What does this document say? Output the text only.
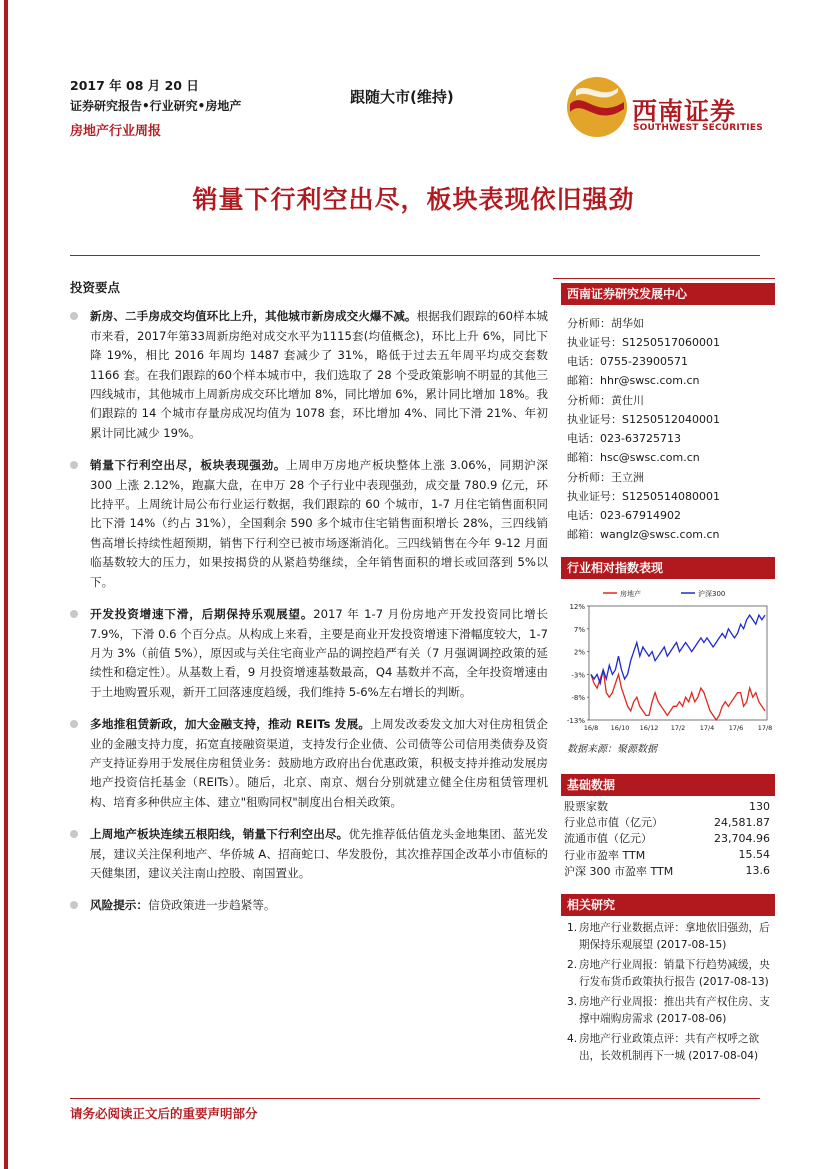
2017 年 08 月 20 日
证券研究报告•行业研究•房地产
房地产行业周报
跟随大市(维持)	西南证券
SOUTHWEST SECURITIES
销量下行利空出尽，板块表现依旧强劲
投资要点
新房、二手房成交均值环比上升，其他城市新房成交火爆不减。根据我们跟踪的60样本城市来看，2017年第33周新房绝对成交水平为1115套(均值概念)，环比上升 6%，同比下降 19%，相比 2016 年周均 1487 套减少了 31%，略低于过去五年周平均成交套数 1166 套。在我们跟踪的60个样本城市中，我们选取了 28 个受政策影响不明显的其他三四线城市，其他城市上周新房成交环比增加 8%，同比增加 6%，累计同比增加 18%。我们跟踪的 14 个城市存量房成况均值为 1078 套，环比增加 4%、同比下滑 21%、年初累计同比减少 19%。
销量下行利空出尽，板块表现强劲。上周申万房地产板块整体上涨 3.06%，同期沪深 300 上涨 2.12%，跑赢大盘，在申万 28 个子行业中表现强劲，成交量 780.9 亿元，环比持平。上周统计局公布行业运行数据，我们跟踪的 60 个城市，1-7 月住宅销售面积同比下滑 14%（约占 31%），全国剩余 590 多个城市住宅销售面积增长 28%，三四线销售高增长持续性超预期，销售下行利空已被市场逐渐消化。三四线销售在今年 9-12 月面临基数较大的压力，如果按揭贷的从紧趋势继续，全年销售面积的增长或回落到 5%以下。
开发投资增速下滑，后期保持乐观展望。2017 年 1-7 月份房地产开发投资同比增长 7.9%，下滑 0.6 个百分点。从构成上来看，主要是商业开发投资增速下滑幅度较大，1-7 月为 3%（前值 5%），原因或与关住宅商业产品的调控趋严有关（7 月强调调控政策的延续性和稳定性）。从基数上看，9 月投资增速基数最高，Q4 基数并不高，全年投资增速由于土地购置乐观，新开工回落速度趋缓，我们维持 5-6%左右增长的判断。
多地推租赁新政，加大金融支持，推动 REITs 发展。上周发改委发文加大对住房租赁企业的金融支持力度，拓宽直接融资渠道，支持发行企业债、公司债等公司信用类债券及资产支持证券用于发展住房租赁业务：鼓励地方政府出台优惠政策，积极支持并推动发展房地产投资信托基金（REITs）。随后，北京、南京、烟台分别就建立健全住房租赁管理机构、培育多种供应主体、建立"租购同权"制度出台相关政策。
上周地产板块连续五根阳线，销量下行利空出尽。优先推荐低估值龙头金地集团、蓝光发展，建议关注保利地产、华侨城 A、招商蛇口、华发股份，其次推荐国企改革小市值标的天健集团，建议关注南山控股、南国置业。
风险提示：信贷政策进一步趋紧等。
西南证券研究发展中心
分析师：胡华如
执业证号：S1250517060001
电话：0755-23900571
邮箱：hhr@swsc.com.cn
分析师：黄仕川
执业证号：S1250512040001
电话：023-63725713
邮箱：hsc@swsc.com.cn
分析师：王立洲
执业证号：S1250514080001
电话：023-67914902
邮箱：wanglz@swsc.com.cn
行业相对指数表现
12%
7%
2%
-3%
-8%
-13%
16/8 16/10 16/12 17/2 17/4 17/6 17/8
房地产	沪深300
数据来源：聚源数据
基础数据
股票家数	130
行业总市值（亿元）	24,581.87
流通市值（亿元）	23,704.96
行业市盈率 TTM	15.54
沪深 300 市盈率 TTM	13.6
相关研究
1. 房地产行业数据点评：拿地依旧强劲，后期保持乐观展望 (2017-08-15)
2. 房地产行业周报：销量下行趋势减缓，央行发布货币政策执行报告 (2017-08-13)
3. 房地产行业周报：推出共有产权住房、支撑中端购房需求 (2017-08-06)
4. 房地产行业政策点评：共有产权呼之欲出，长效机制再下一城 (2017-08-04)
请务必阅读正文后的重要声明部分
